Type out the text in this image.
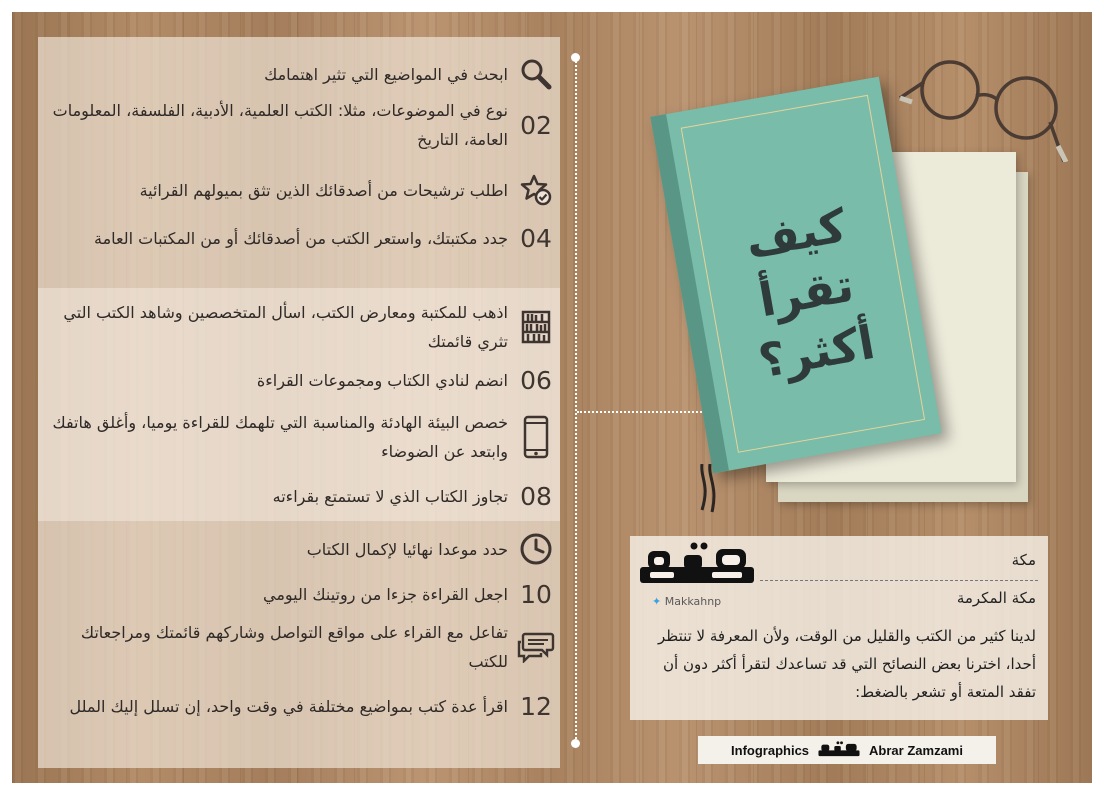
ابحث في المواضيع التي تثير اهتمامك
02
نوع في الموضوعات، مثلا: الكتب العلمية، الأدبية، الفلسفة، المعلومات العامة، التاريخ
اطلب ترشيحات من أصدقائك الذين تثق بميولهم القرائية
04
جدد مكتبتك، واستعر الكتب من أصدقائك أو من المكتبات العامة
اذهب للمكتبة ومعارض الكتب، اسأل المتخصصين وشاهد الكتب التي تثري قائمتك
06
انضم لنادي الكتاب ومجموعات القراءة
خصص البيئة الهادئة والمناسبة التي تلهمك للقراءة يوميا، وأغلق هاتفك وابتعد عن الضوضاء
08
تجاوز الكتاب الذي لا تستمتع بقراءته
حدد موعدا نهائيا لإكمال الكتاب
10
اجعل القراءة جزءا من روتينك اليومي
تفاعل مع القراء على مواقع التواصل وشاركهم قائمتك ومراجعاتك للكتب
12
اقرأ عدة كتب بمواضيع مختلفة في وقت واحد، إن تسلل إليك الملل
كيف تقرأ أكثر؟
✦ Makkahnp
مكة
مكة المكرمة
لدينا كثير من الكتب والقليل من الوقت، ولأن المعرفة لا تنتظر أحدا، اخترنا بعض النصائح التي قد تساعدك لتقرأ أكثر دون أن تفقد المتعة أو تشعر بالضغط:
Infographics	Abrar Zamzami
